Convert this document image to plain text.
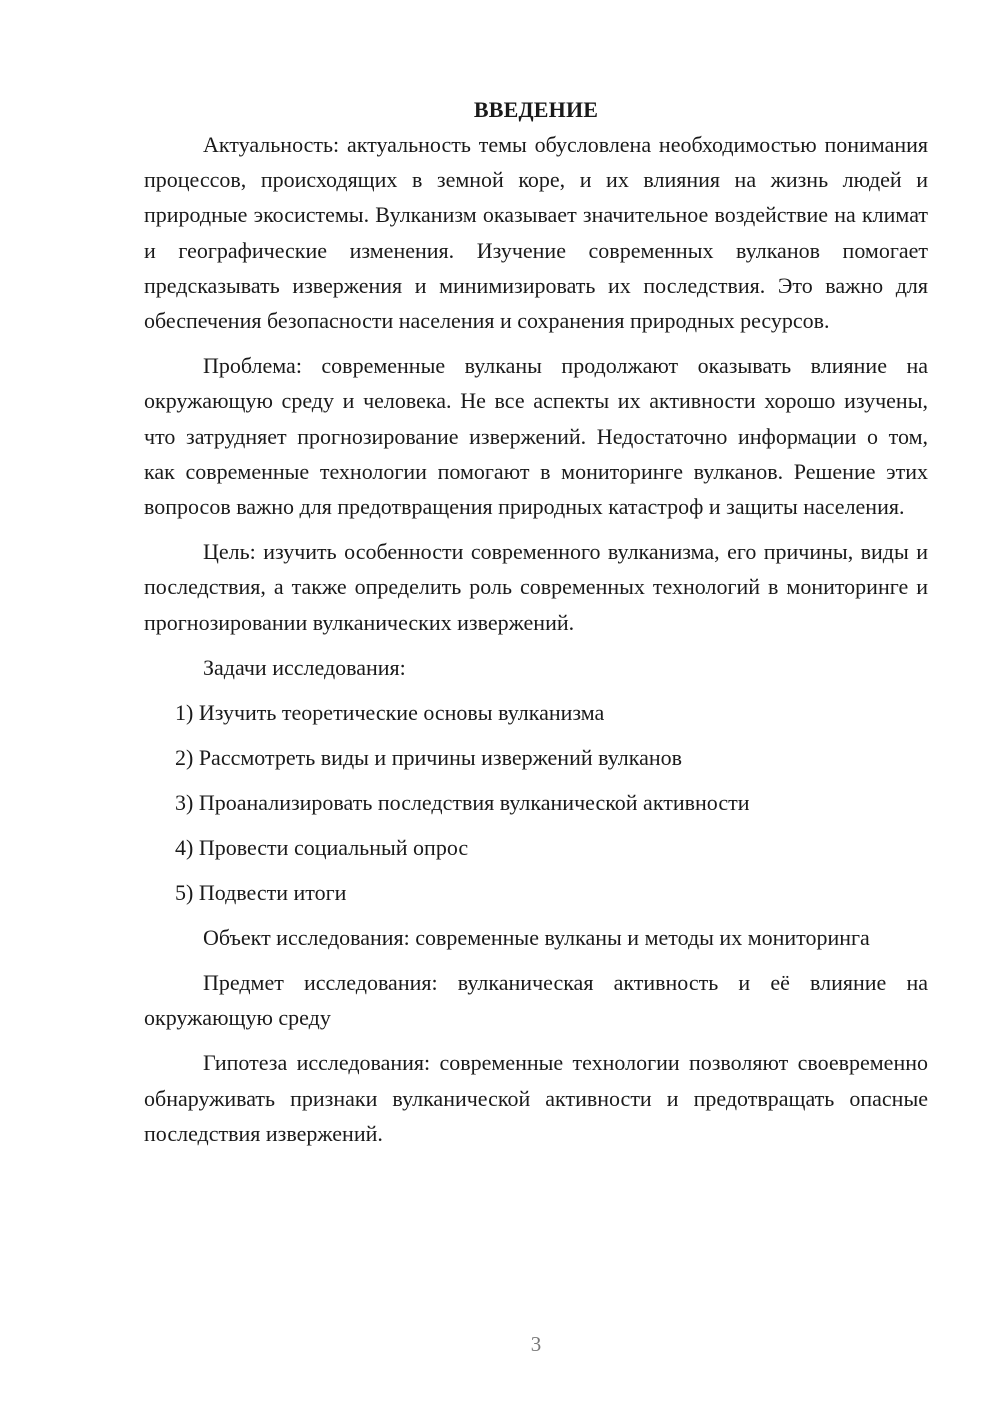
ВВЕДЕНИЕ

Актуальность: актуальность темы обусловлена необходимостью понимания процессов, происходящих в земной коре, и их влияния на жизнь людей и природные экосистемы. Вулканизм оказывает значительное воздействие на климат и географические изменения. Изучение современных вулканов помогает предсказывать извержения и минимизировать их последствия. Это важно для обеспечения безопасности населения и сохранения природных ресурсов.

Проблема: современные вулканы продолжают оказывать влияние на окружающую среду и человека. Не все аспекты их активности хорошо изучены, что затрудняет прогнозирование извержений. Недостаточно информации о том, как современные технологии помогают в мониторинге вулканов. Решение этих вопросов важно для предотвращения природных катастроф и защиты населения.

Цель: изучить особенности современного вулканизма, его причины, виды и последствия, а также определить роль современных технологий в мониторинге и прогнозировании вулканических извержений.

Задачи исследования:

1) Изучить теоретические основы вулканизма
2) Рассмотреть виды и причины извержений вулканов
3) Проанализировать последствия вулканической активности
4) Провести социальный опрос
5) Подвести итоги

Объект исследования: современные вулканы и методы их мониторинга

Предмет исследования: вулканическая активность и её влияние на окружающую среду

Гипотеза исследования: современные технологии позволяют своевременно обнаруживать признаки вулканической активности и предотвращать опасные последствия извержений.

3
